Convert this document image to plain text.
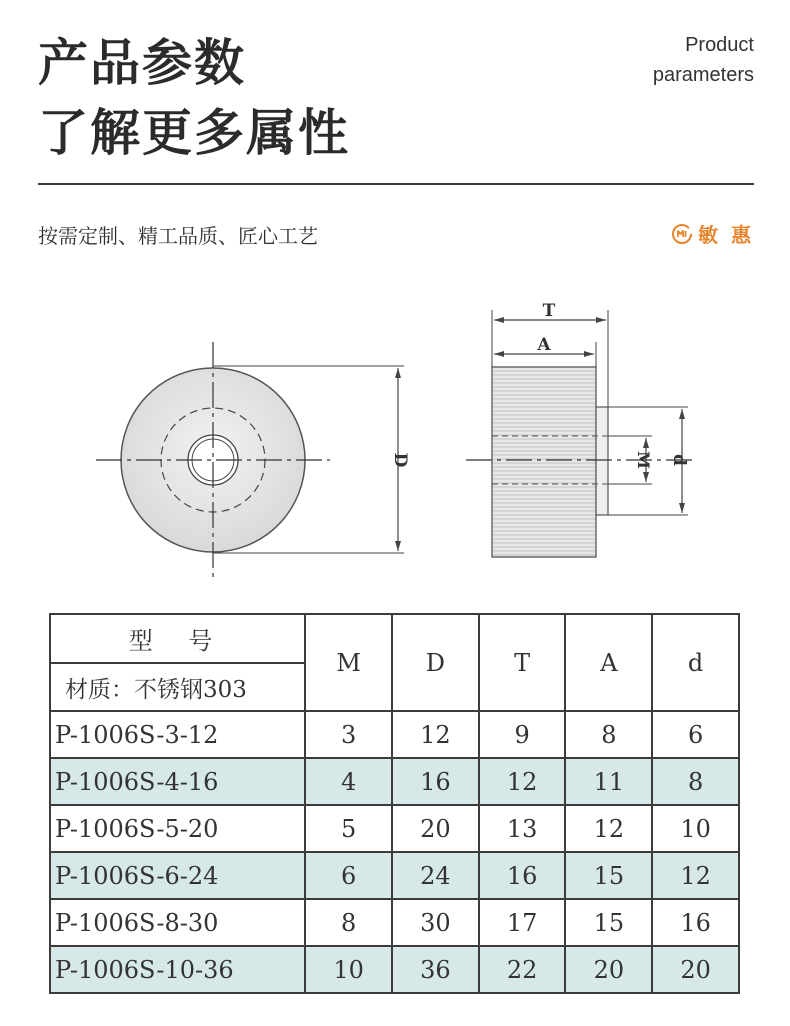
产品参数
了解更多属性
Product
parameters
按需定制、精工品质、匠心工艺	敏 惠
D
T
A
M d
型 号	M	D	T	A	d
材质：不锈钢303					
P-1006S-3-12	3	12	9	8	6
P-1006S-4-16	4	16	12	11	8
P-1006S-5-20	5	20	13	12	10
P-1006S-6-24	6	24	16	15	12
P-1006S-8-30	8	30	17	15	16
P-1006S-10-36	10	36	22	20	20
